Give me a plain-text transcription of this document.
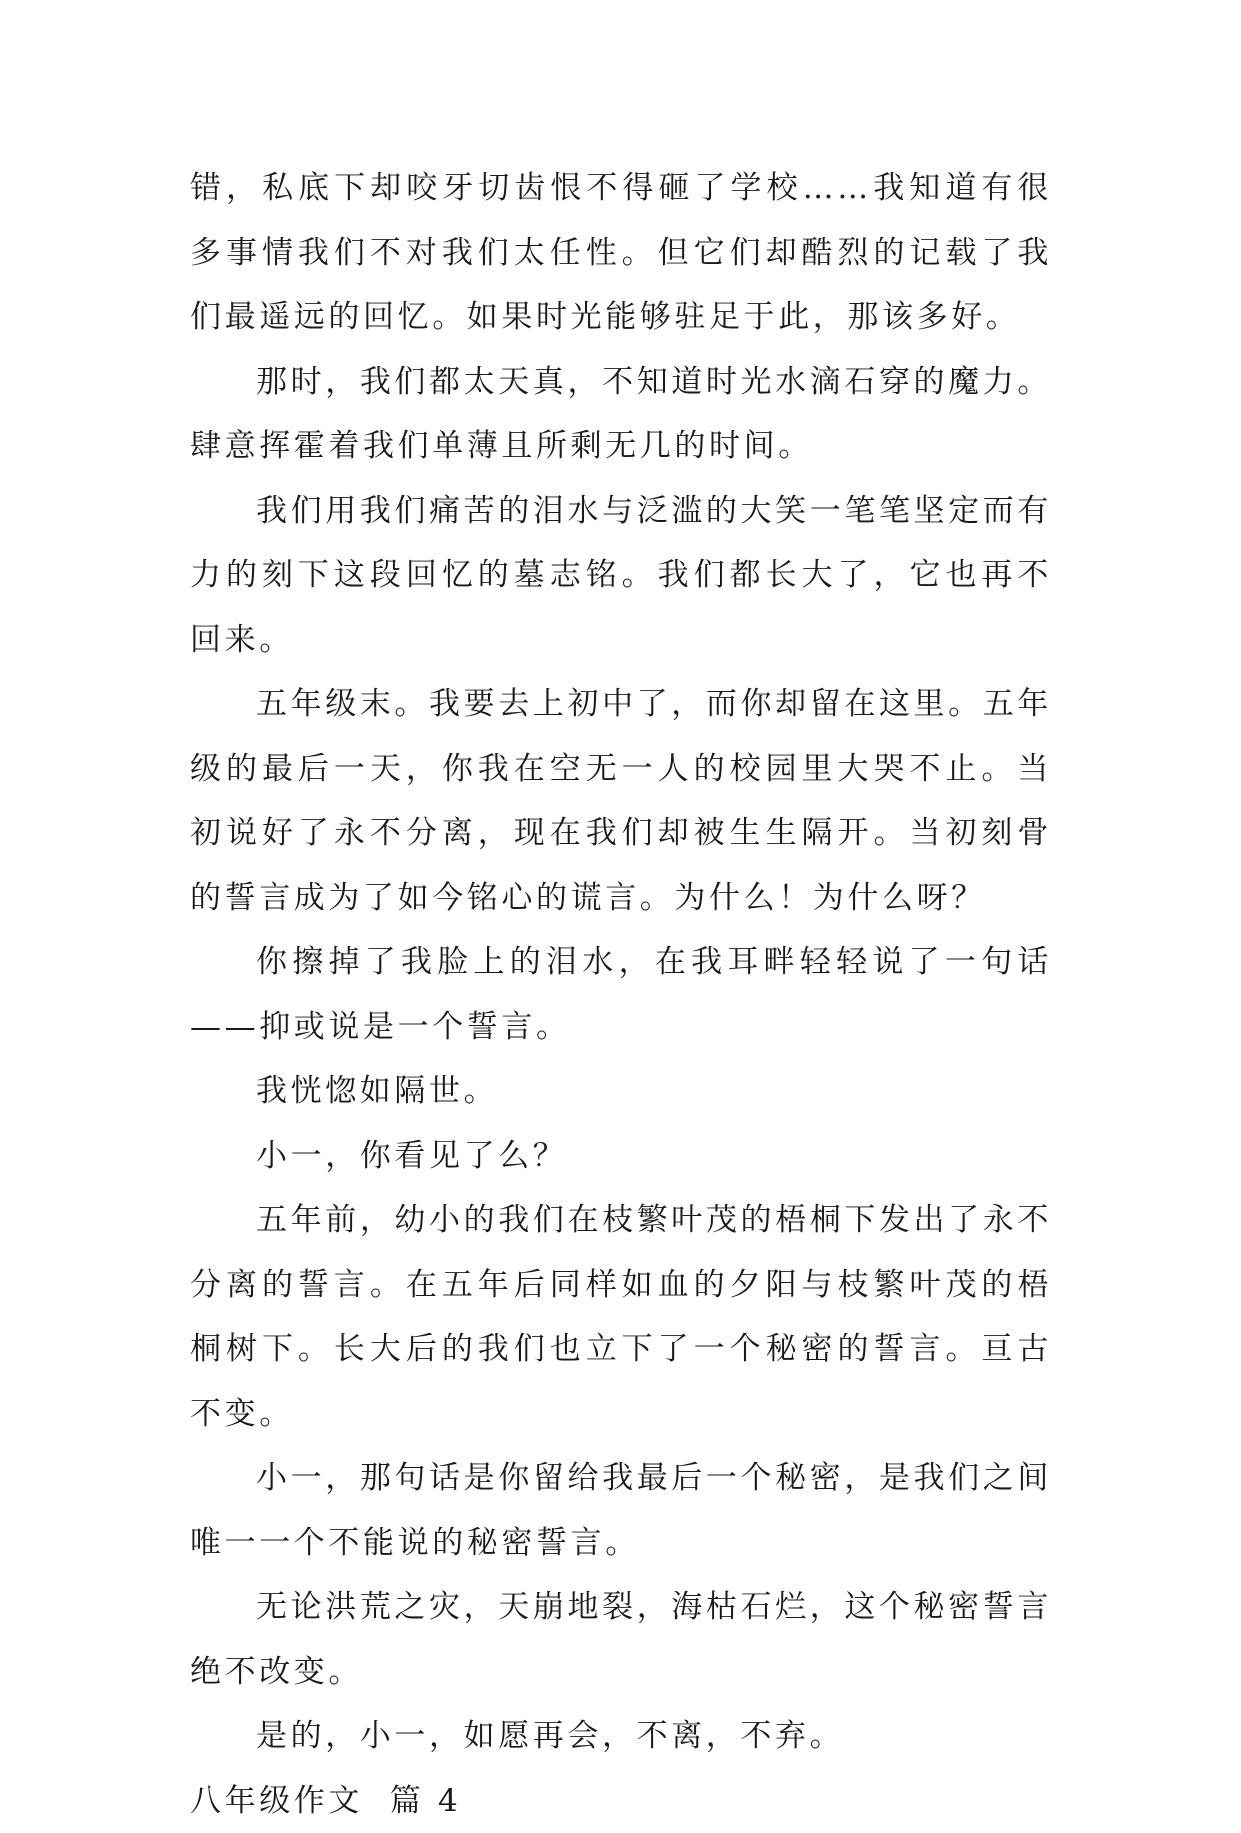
错，私底下却咬牙切齿恨不得砸了学校……我知道有很多事情我们不对我们太任性。但它们却酷烈的记载了我们最遥远的回忆。如果时光能够驻足于此，那该多好。

那时，我们都太天真，不知道时光水滴石穿的魔力。肆意挥霍着我们单薄且所剩无几的时间。

我们用我们痛苦的泪水与泛滥的大笑一笔笔坚定而有力的刻下这段回忆的墓志铭。我们都长大了，它也再不回来。

五年级末。我要去上初中了，而你却留在这里。五年级的最后一天，你我在空无一人的校园里大哭不止。当初说好了永不分离，现在我们却被生生隔开。当初刻骨的誓言成为了如今铭心的谎言。为什么！为什么呀？

你擦掉了我脸上的泪水，在我耳畔轻轻说了一句话——抑或说是一个誓言。

我恍惚如隔世。

小一，你看见了么？

五年前，幼小的我们在枝繁叶茂的梧桐下发出了永不分离的誓言。在五年后同样如血的夕阳与枝繁叶茂的梧桐树下。长大后的我们也立下了一个秘密的誓言。亘古不变。

小一，那句话是你留给我最后一个秘密，是我们之间唯一一个不能说的秘密誓言。

无论洪荒之灾，天崩地裂，海枯石烂，这个秘密誓言绝不改变。

是的，小一，如愿再会，不离，不弃。

八年级作文  篇 4
